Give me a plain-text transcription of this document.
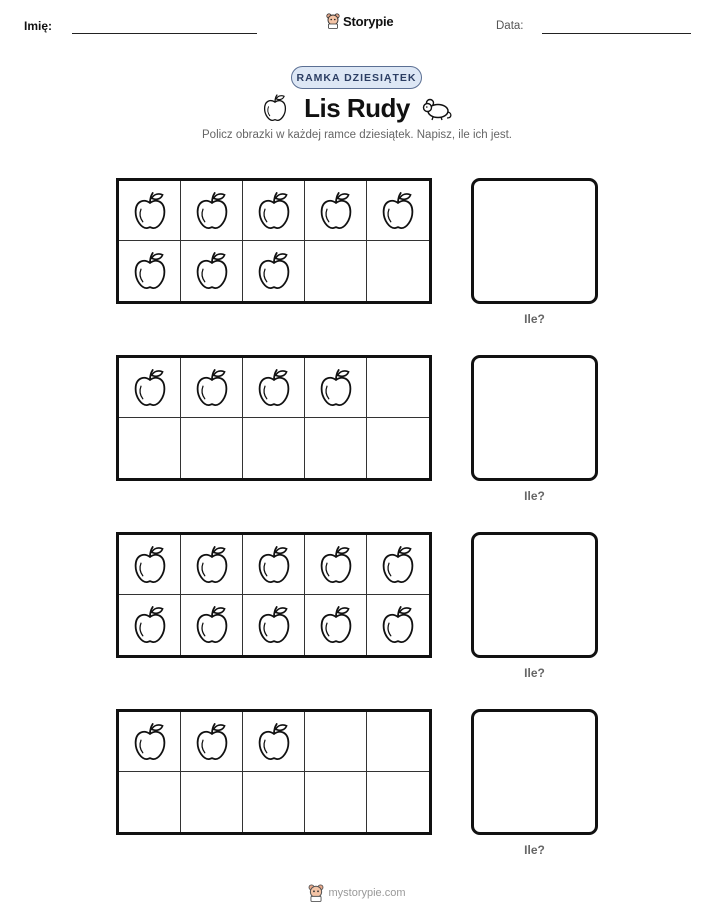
Imię:	Storypie	Data:
RAMKA DZIESIĄTEK
Lis Rudy
Policz obrazki w każdej ramce dziesiątek. Napisz, ile ich jest.
Ile?
Ile?
Ile?
Ile?
mystorypie.com
